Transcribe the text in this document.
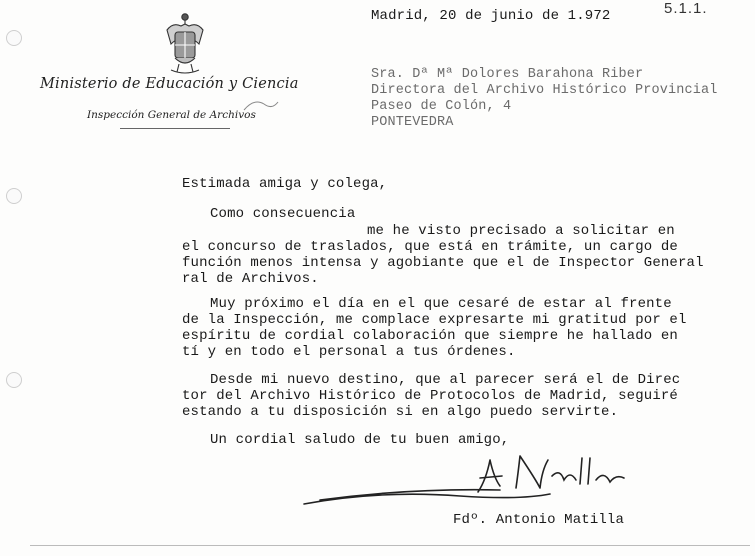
5.1.1.
Ministerio de Educación y Ciencia
Inspección General de Archivos
Madrid, 20 de junio de 1.972
Sra. Dª Mª Dolores Barahona Riber
Directora del Archivo Histórico Provincial
Paseo de Colón, 4
PONTEVEDRA
Estimada amiga y colega,
Como consecuencia
me he visto precisado a solicitar en
el concurso de traslados, que está en trámite, un cargo de
función menos intensa y agobiante que el de Inspector General
ral de Archivos.
Muy próximo el día en el que cesaré de estar al frente
de la Inspección, me complace expresarte mi gratitud por el
espíritu de cordial colaboración que siempre he hallado en
tí y en todo el personal a tus órdenes.
Desde mi nuevo destino, que al parecer será el de Direc
tor del Archivo Histórico de Protocolos de Madrid, seguiré
estando a tu disposición si en algo puedo servirte.
Un cordial saludo de tu buen amigo,
Fdº. Antonio Matilla
